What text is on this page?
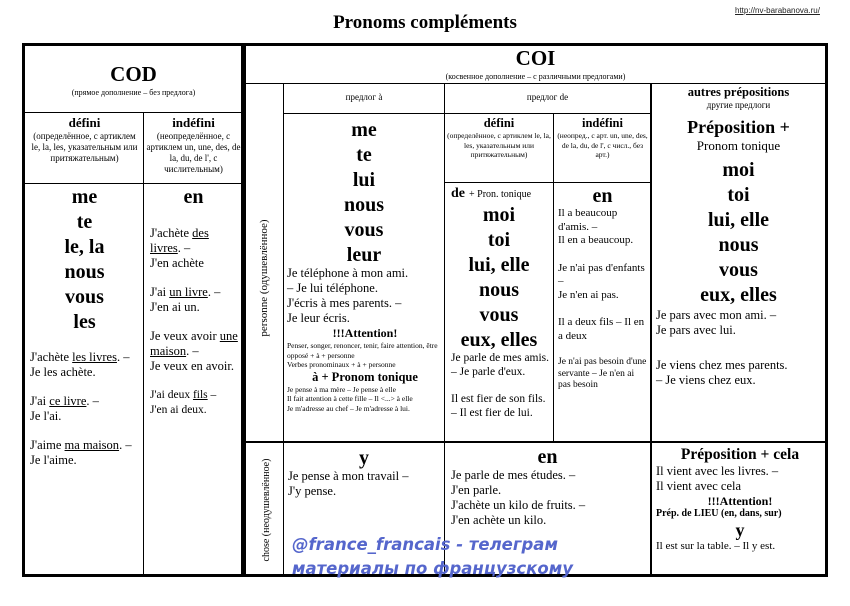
http://nv-barabanova.ru/
Pronoms compléments
COD
(прямое дополнение – без предлога)
défini
(определённое, с артиклем le, la, les, указательным или притяжательным)
indéfini
(неопределённое, с артиклем un, une, des, de la, du, de l', с числительным)
me
te
le, la
nous
vous
les
J'achète les livres. –
Je les achète.
J'ai ce livre. –
Je l'ai.
J'aime ma maison. –
Je l'aime.
en
J'achète des livres. –
J'en achète
J'ai un livre. –
J'en ai un.
Je veux avoir une maison. –
Je veux en avoir.
J'ai deux fils –
J'en ai deux.
COI
(косвенное дополнение – с различными предлогами)
предлог à	предлог de	autres prépositions
другие предлоги
personne (одушевлённое)
chose (неодушевлённое)
me
te
lui
nous
vous
leur
Je téléphone à mon ami.
– Je lui téléphone.
J'écris à mes parents. –
Je leur écris.
!!!Attention!
Penser, songer, renoncer, tenir, faire attention, être opposé + à + personne
Verbes pronominaux + à + personne
à + Pronom tonique
Je pense à ma mère – Je pense à elle
Il fait attention à cette fille – Il <...> à elle
Je m'adresse au chef – Je m'adresse à lui.
défini
(определённое, с артиклем le, la, les, указательным или притяжательным)
indéfini
(неопред., с арт. un, une, des, de la, du, de l', с числ., без арт.)
de + Pron. tonique
moi
toi
lui, elle
nous
vous
eux, elles
Je parle de mes amis. – Je parle d'eux.
Il est fier de son fils. – Il est fier de lui.
en
Il a beaucoup d'amis. –
Il en a beaucoup.
Je n'ai pas d'enfants –
Je n'en ai pas.
Il a deux fils – Il en a deux
Je n'ai pas besoin d'une servante – Je n'en ai pas besoin
Préposition +
Pronom tonique
moi
toi
lui, elle
nous
vous
eux, elles
Je pars avec mon ami. –
Je pars avec lui.
Je viens chez mes parents.
– Je viens chez eux.
y
Je pense à mon travail –
J'y pense.
en
Je parle de mes études. –
J'en parle.
J'achète un kilo de fruits. –
J'en achète un kilo.
Préposition + cela
Il vient avec les livres. –
Il vient avec cela
!!!Attention!
Prép. de LIEU (en, dans, sur)
y
Il est sur la table. – Il y est.
@france_francais - телеграм
материалы по французскому
